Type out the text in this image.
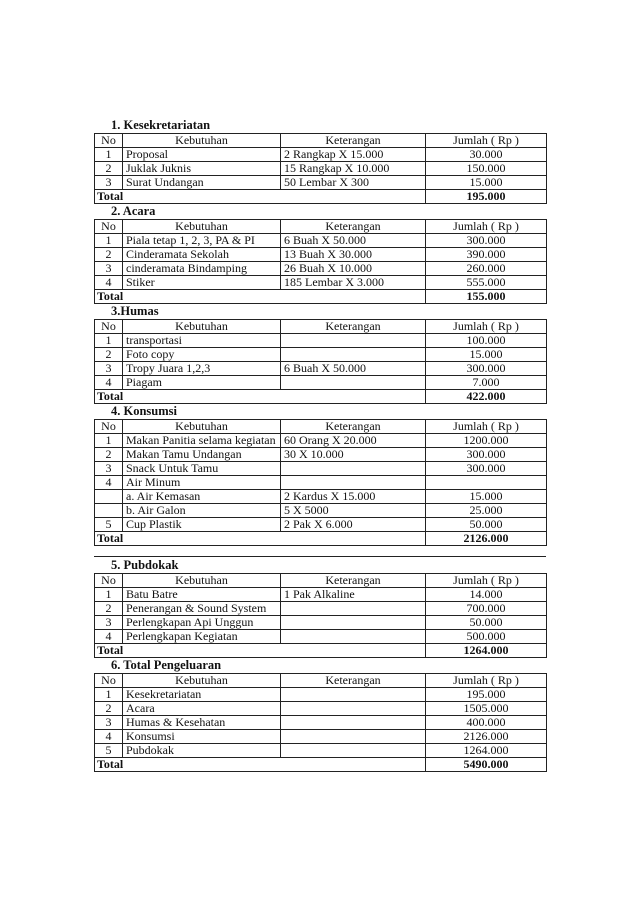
1. Kesekretariatan
No	Kebutuhan	Keterangan	Jumlah ( Rp )
1	Proposal	2 Rangkap X 15.000	30.000
2	Juklak Juknis	15 Rangkap X 10.000	150.000
3	Surat Undangan	50 Lembar X 300	15.000
Total			195.000
2. Acara
No	Kebutuhan	Keterangan	Jumlah ( Rp )
1	Piala tetap 1, 2, 3, PA & PI	6 Buah X 50.000	300.000
2	Cinderamata Sekolah	13 Buah X 30.000	390.000
3	cinderamata Bindamping	26 Buah X 10.000	260.000
4	Stiker	185 Lembar X 3.000	555.000
Total			155.000
3.Humas
No	Kebutuhan	Keterangan	Jumlah ( Rp )
1	transportasi		100.000
2	Foto copy		15.000
3	Tropy Juara 1,2,3	6 Buah X 50.000	300.000
4	Piagam		7.000
Total			422.000
4. Konsumsi
No	Kebutuhan	Keterangan	Jumlah ( Rp )
1	Makan Panitia selama kegiatan	60 Orang X 20.000	1200.000
2	Makan Tamu Undangan	30 X 10.000	300.000
3	Snack Untuk Tamu		300.000
4	Air Minum		
	a. Air Kemasan	2 Kardus X 15.000	15.000
	b. Air Galon	5 X 5000	25.000
5	Cup Plastik	2 Pak X 6.000	50.000
Total			2126.000
5. Pubdokak
No	Kebutuhan	Keterangan	Jumlah ( Rp )
1	Batu Batre	1 Pak Alkaline	14.000
2	Penerangan & Sound System		700.000
3	Perlengkapan Api Unggun		50.000
4	Perlengkapan Kegiatan		500.000
Total			1264.000
6. Total Pengeluaran
No	Kebutuhan	Keterangan	Jumlah ( Rp )
1	Kesekretariatan		195.000
2	Acara		1505.000
3	Humas & Kesehatan		400.000
4	Konsumsi		2126.000
5	Pubdokak		1264.000
Total			5490.000
